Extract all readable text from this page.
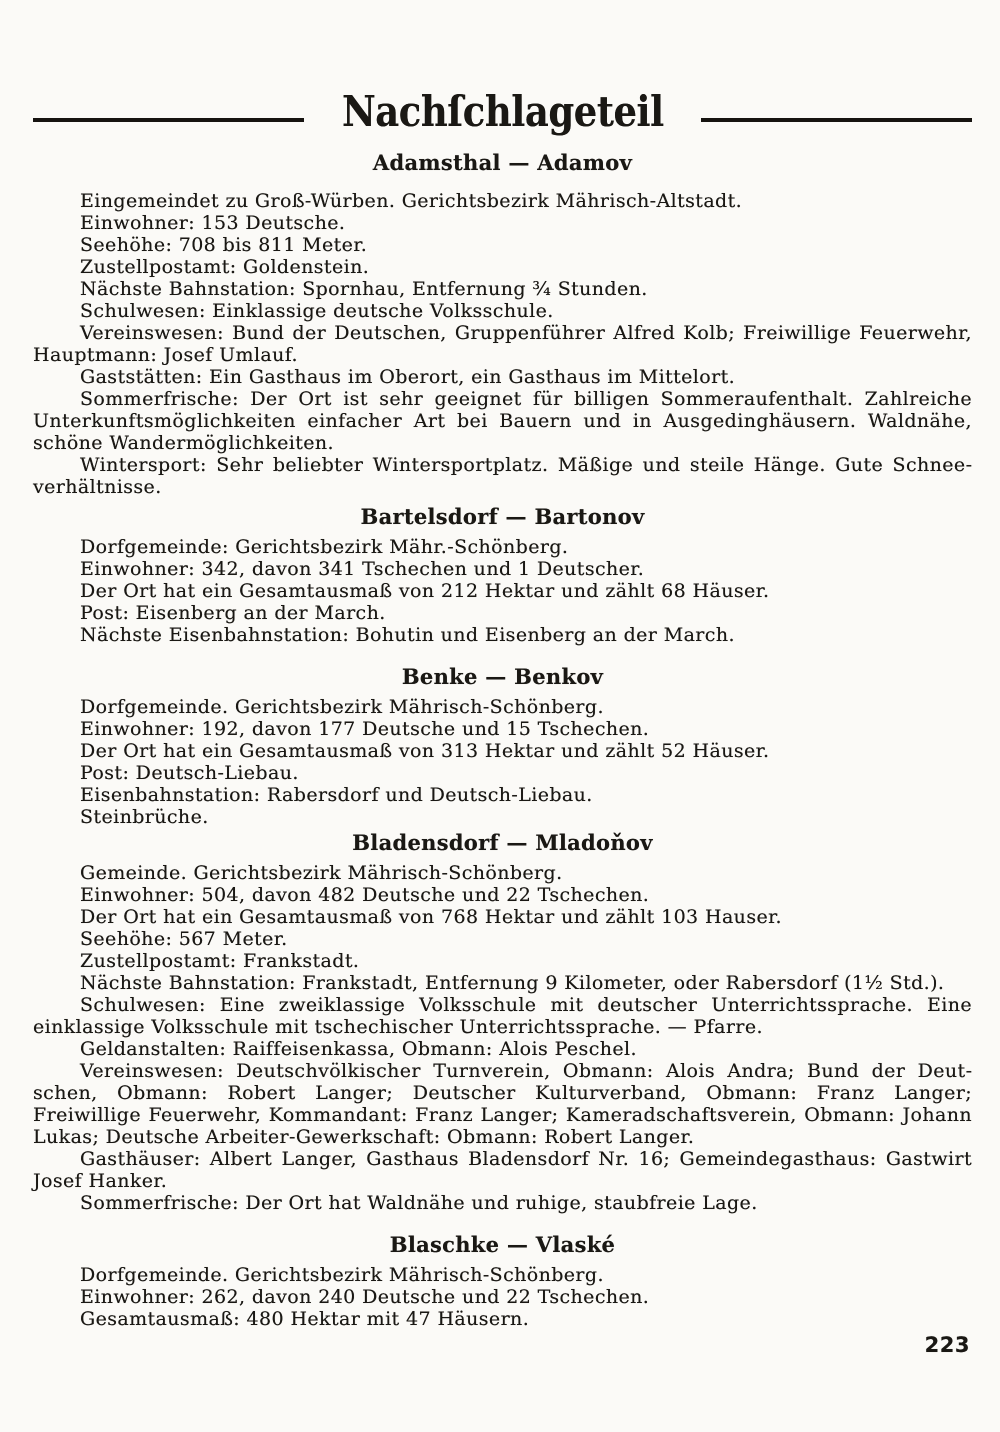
Nachſchlageteil
Adamsthal — Adamov

Eingemeindet zu Groß-Würben. Gerichtsbezirk Mährisch-Altstadt.

Einwohner: 153 Deutsche.

Seehöhe: 708 bis 811 Meter.

Zustellpostamt: Goldenstein.

Nächste Bahnstation: Spornhau, Entfernung ¾ Stunden.

Schulwesen: Einklassige deutsche Volksschule.

Vereinswesen: Bund der Deutschen, Gruppenführer Alfred Kolb; Freiwillige Feuerwehr, Hauptmann: Josef Umlauf.

Gaststätten: Ein Gasthaus im Oberort, ein Gasthaus im Mittelort.

Sommerfrische: Der Ort ist sehr geeignet für billigen Sommeraufenthalt. Zahlreiche Unterkunftsmöglichkeiten einfacher Art bei Bauern und in Ausgedinghäusern. Waldnähe, schöne Wandermöglichkeiten.

Wintersport: Sehr beliebter Wintersportplatz. Mäßige und steile Hänge. Gute Schneeverhältnisse.

Bartelsdorf — Bartonov

Dorfgemeinde: Gerichtsbezirk Mähr.-Schönberg.

Einwohner: 342, davon 341 Tschechen und 1 Deutscher.

Der Ort hat ein Gesamtausmaß von 212 Hektar und zählt 68 Häuser.

Post: Eisenberg an der March.

Nächste Eisenbahnstation: Bohutin und Eisenberg an der March.

Benke — Benkov

Dorfgemeinde. Gerichtsbezirk Mährisch-Schönberg.

Einwohner: 192, davon 177 Deutsche und 15 Tschechen.

Der Ort hat ein Gesamtausmaß von 313 Hektar und zählt 52 Häuser.

Post: Deutsch-Liebau.

Eisenbahnstation: Rabersdorf und Deutsch-Liebau.

Steinbrüche.

Bladensdorf — Mladoňov

Gemeinde. Gerichtsbezirk Mährisch-Schönberg.

Einwohner: 504, davon 482 Deutsche und 22 Tschechen.

Der Ort hat ein Gesamtausmaß von 768 Hektar und zählt 103 Hauser.

Seehöhe: 567 Meter.

Zustellpostamt: Frankstadt.

Nächste Bahnstation: Frankstadt, Entfernung 9 Kilometer, oder Rabersdorf (1½ Std.).

Schulwesen: Eine zweiklassige Volksschule mit deutscher Unterrichtssprache. Eine einklassige Volksschule mit tschechischer Unterrichtssprache. — Pfarre.

Geldanstalten: Raiffeisenkassa, Obmann: Alois Peschel.

Vereinswesen: Deutschvölkischer Turnverein, Obmann: Alois Andra; Bund der Deutschen, Obmann: Robert Langer; Deutscher Kulturverband, Obmann: Franz Langer; Freiwillige Feuerwehr, Kommandant: Franz Langer; Kameradschaftsverein, Obmann: Johann Lukas; Deutsche Arbeiter-Gewerkschaft: Obmann: Robert Langer.

Gasthäuser: Albert Langer, Gasthaus Bladensdorf Nr. 16; Gemeindegasthaus: Gastwirt Josef Hanker.

Sommerfrische: Der Ort hat Waldnähe und ruhige, staubfreie Lage.

Blaschke — Vlaské

Dorfgemeinde. Gerichtsbezirk Mährisch-Schönberg.

Einwohner: 262, davon 240 Deutsche und 22 Tschechen.

Gesamtausmaß: 480 Hektar mit 47 Häusern.

223
